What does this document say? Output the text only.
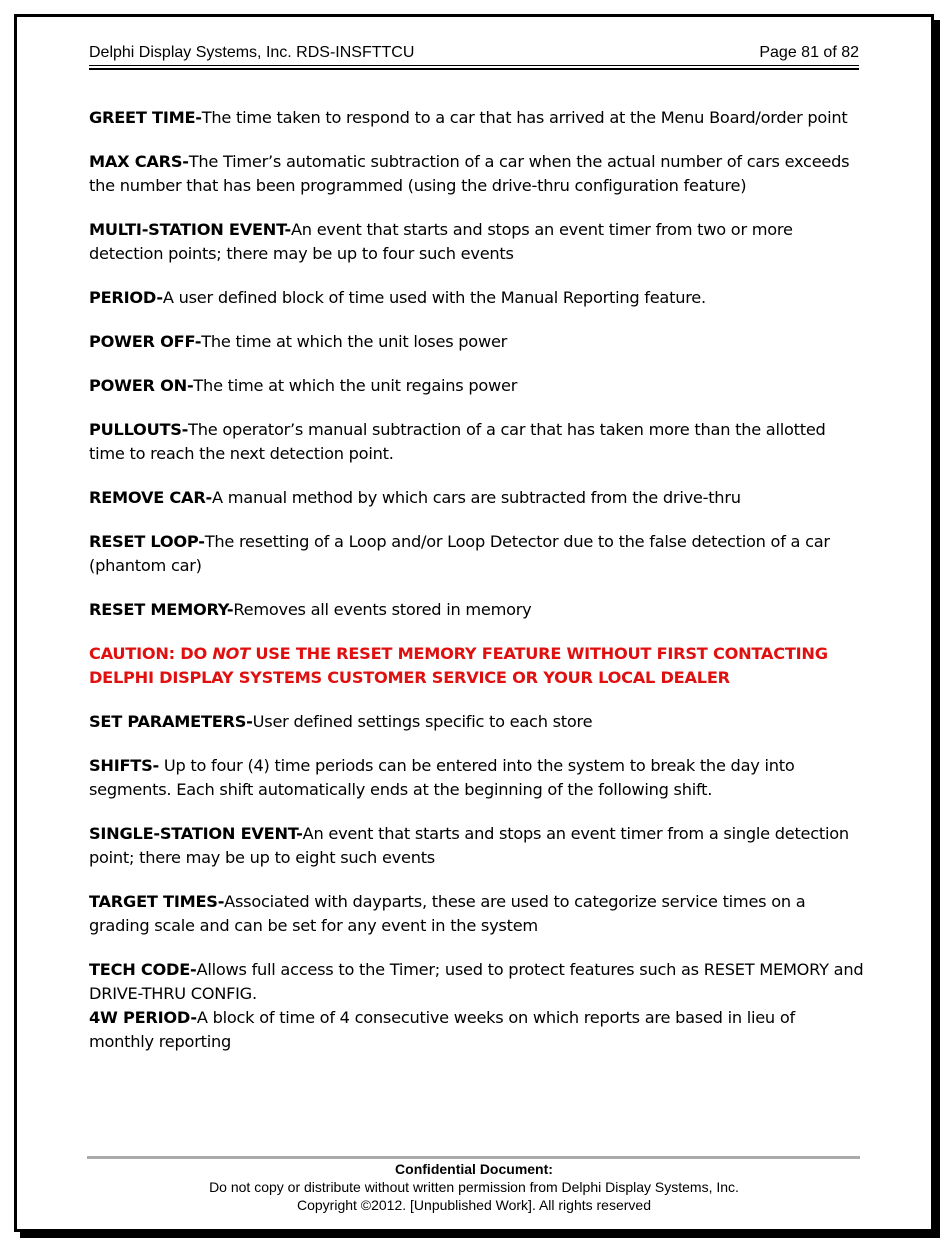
Delphi Display Systems, Inc. RDS-INSFTTCU	Page 81 of 82

GREET TIME-The time taken to respond to a car that has arrived at the Menu Board/order point

MAX CARS-The Timer’s automatic subtraction of a car when the actual number of cars exceeds the number that has been programmed (using the drive-thru configuration feature)

MULTI-STATION EVENT-An event that starts and stops an event timer from two or more detection points; there may be up to four such events

PERIOD-A user defined block of time used with the Manual Reporting feature.

POWER OFF-The time at which the unit loses power

POWER ON-The time at which the unit regains power

PULLOUTS-The operator’s manual subtraction of a car that has taken more than the allotted time to reach the next detection point.

REMOVE CAR-A manual method by which cars are subtracted from the drive-thru

RESET LOOP-The resetting of a Loop and/or Loop Detector due to the false detection of a car (phantom car)

RESET MEMORY-Removes all events stored in memory

CAUTION: DO NOT USE THE RESET MEMORY FEATURE WITHOUT FIRST CONTACTING DELPHI DISPLAY SYSTEMS CUSTOMER SERVICE OR YOUR LOCAL DEALER

SET PARAMETERS-User defined settings specific to each store

SHIFTS- Up to four (4) time periods can be entered into the system to break the day into segments. Each shift automatically ends at the beginning of the following shift.

SINGLE-STATION EVENT-An event that starts and stops an event timer from a single detection point; there may be up to eight such events

TARGET TIMES-Associated with dayparts, these are used to categorize service times on a grading scale and can be set for any event in the system

TECH CODE-Allows full access to the Timer; used to protect features such as RESET MEMORY and DRIVE-THRU CONFIG.

4W PERIOD-A block of time of 4 consecutive weeks on which reports are based in lieu of monthly reporting

Confidential Document:
Do not copy or distribute without written permission from Delphi Display Systems, Inc.
Copyright ©2012. [Unpublished Work]. All rights reserved
